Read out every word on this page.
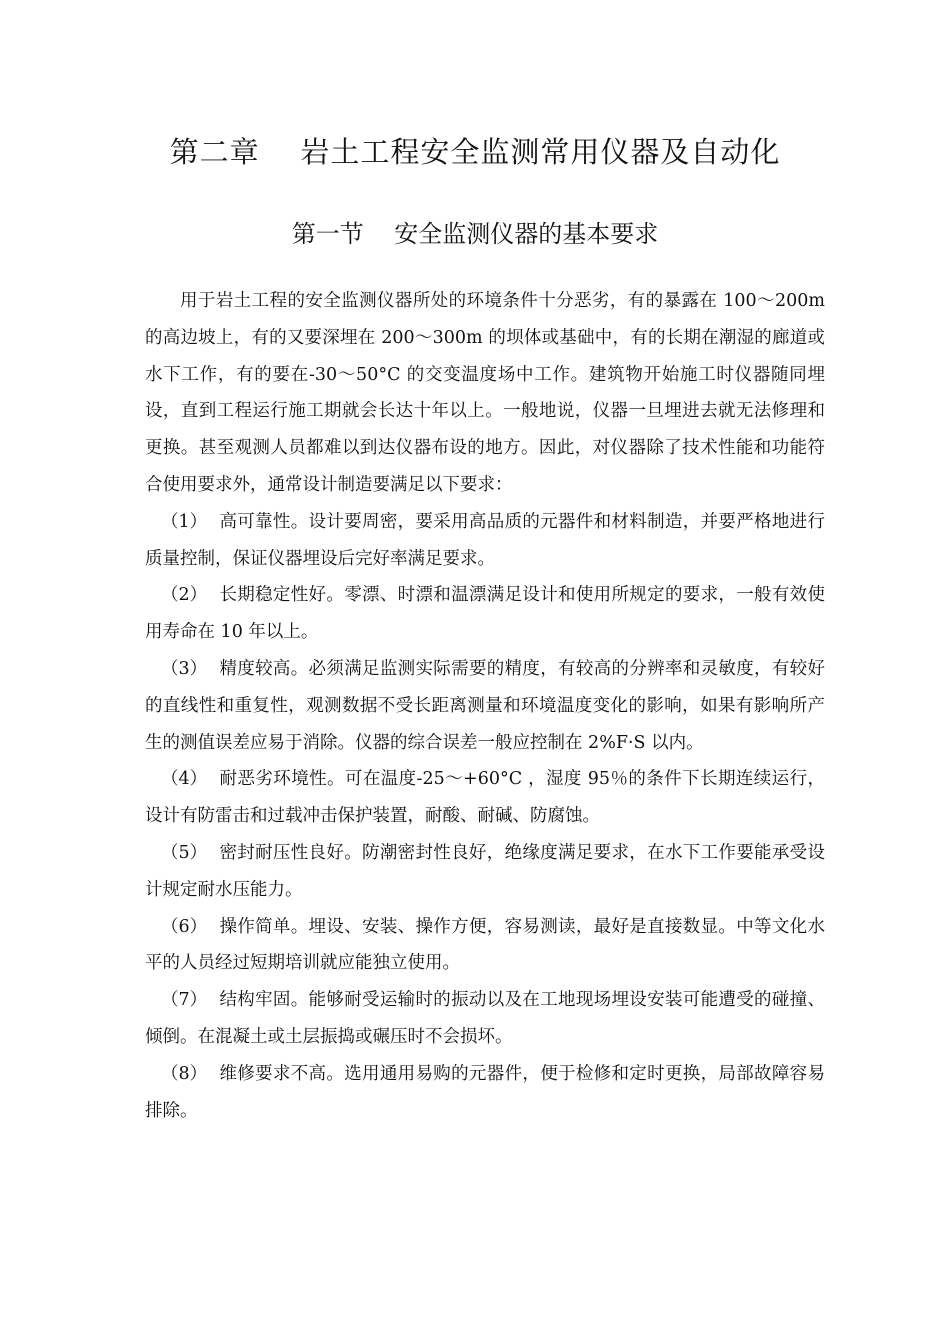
第二章    岩土工程安全监测常用仪器及自动化
第一节    安全监测仪器的基本要求

用于岩土工程的安全监测仪器所处的环境条件十分恶劣，有的暴露在 100～200m 的高边坡上，有的又要深埋在 200～300m 的坝体或基础中，有的长期在潮湿的廊道或水下工作，有的要在-30～50°C 的交变温度场中工作。建筑物开始施工时仪器随同埋设，直到工程运行施工期就会长达十年以上。一般地说，仪器一旦埋进去就无法修理和更换。甚至观测人员都难以到达仪器布设的地方。因此，对仪器除了技术性能和功能符合使用要求外，通常设计制造要满足以下要求：

（1） 高可靠性。设计要周密，要采用高品质的元器件和材料制造，并要严格地进行质量控制，保证仪器埋设后完好率满足要求。

（2） 长期稳定性好。零漂、时漂和温漂满足设计和使用所规定的要求，一般有效使用寿命在 10 年以上。

（3） 精度较高。必须满足监测实际需要的精度，有较高的分辨率和灵敏度，有较好的直线性和重复性，观测数据不受长距离测量和环境温度变化的影响，如果有影响所产生的测值误差应易于消除。仪器的综合误差一般应控制在 2%F·S 以内。

（4） 耐恶劣环境性。可在温度-25～+60°C ，湿度 95％的条件下长期连续运行，设计有防雷击和过载冲击保护装置，耐酸、耐碱、防腐蚀。

（5） 密封耐压性良好。防潮密封性良好，绝缘度满足要求，在水下工作要能承受设计规定耐水压能力。

（6） 操作简单。埋设、安装、操作方便，容易测读，最好是直接数显。中等文化水平的人员经过短期培训就应能独立使用。

（7） 结构牢固。能够耐受运输时的振动以及在工地现场埋设安装可能遭受的碰撞、倾倒。在混凝土或土层振捣或碾压时不会损坏。

（8） 维修要求不高。选用通用易购的元器件，便于检修和定时更换，局部故障容易排除。
